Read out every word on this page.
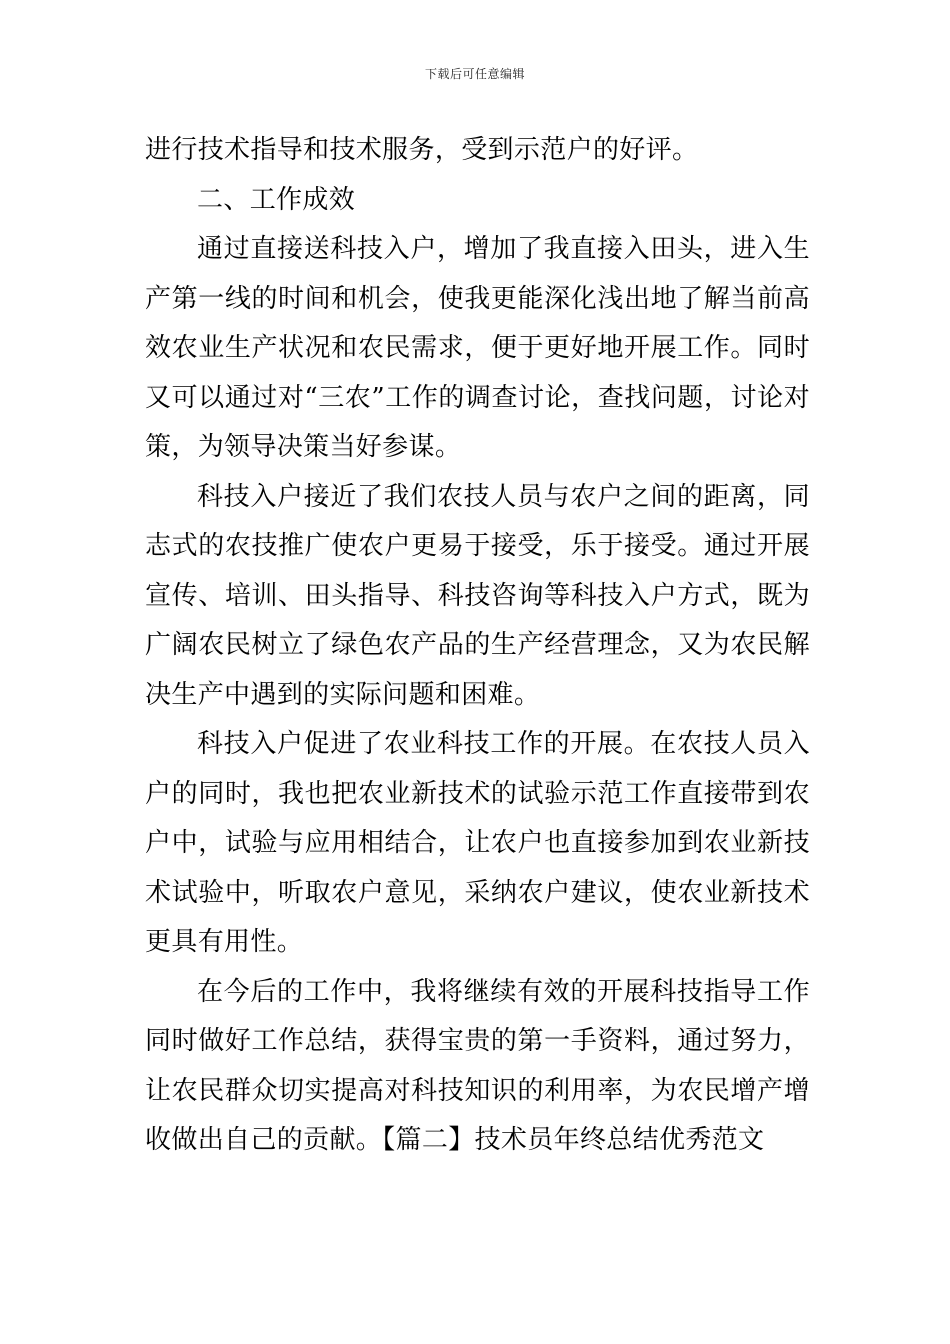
下载后可任意编辑

进行技术指导和技术服务，受到示范户的好评。

二、工作成效

通过直接送科技入户，增加了我直接入田头，进入生产第一线的时间和机会，使我更能深化浅出地了解当前高效农业生产状况和农民需求，便于更好地开展工作。同时又可以通过对“三农”工作的调查讨论，查找问题，讨论对策，为领导决策当好参谋。

科技入户接近了我们农技人员与农户之间的距离，同志式的农技推广使农户更易于接受，乐于接受。通过开展宣传、培训、田头指导、科技咨询等科技入户方式，既为广阔农民树立了绿色农产品的生产经营理念，又为农民解决生产中遇到的实际问题和困难。

科技入户促进了农业科技工作的开展。在农技人员入户的同时，我也把农业新技术的试验示范工作直接带到农户中，试验与应用相结合，让农户也直接参加到农业新技术试验中，听取农户意见，采纳农户建议，使农业新技术更具有用性。

在今后的工作中，我将继续有效的开展科技指导工作同时做好工作总结，获得宝贵的第一手资料，通过努力，让农民群众切实提高对科技知识的利用率，为农民增产增收做出自己的贡献。【篇二】技术员年终总结优秀范文
